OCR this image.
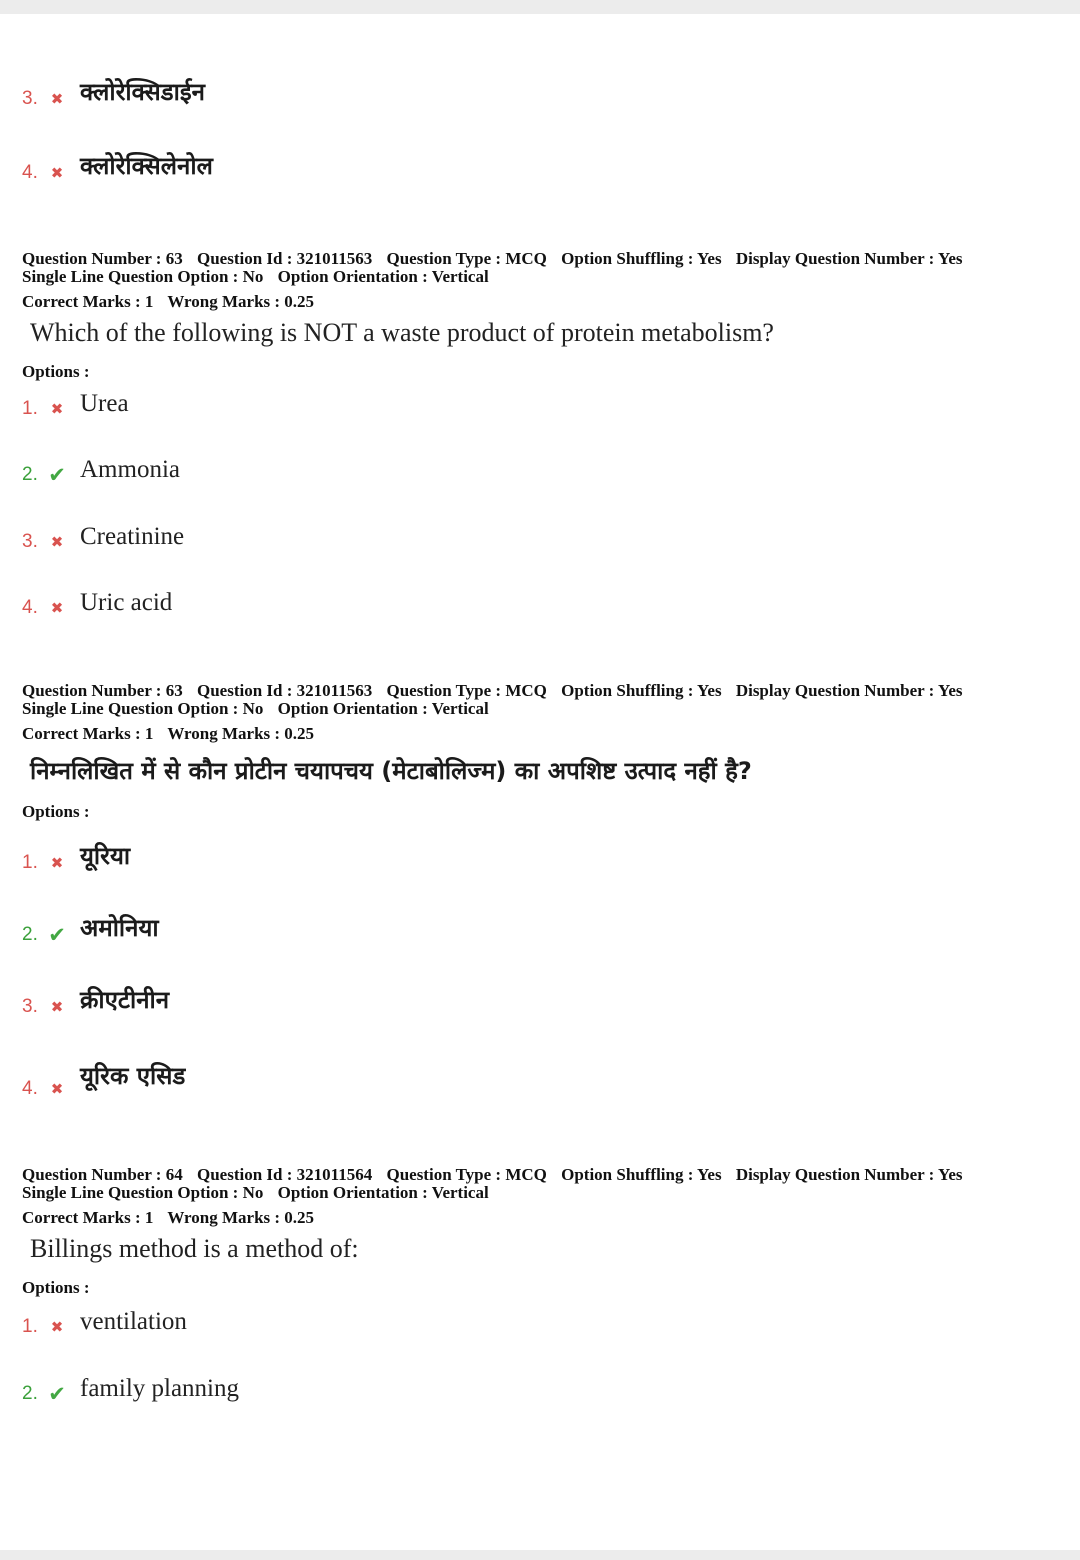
3. ✖ क्लोरेक्सिडाईन
4. ✖ क्लोरेक्सिलेनोल
Question Number : 63 Question Id : 321011563 Question Type : MCQ Option Shuffling : Yes Display Question Number : Yes
Single Line Question Option : No Option Orientation : Vertical
Correct Marks : 1 Wrong Marks : 0.25
Which of the following is NOT a waste product of protein metabolism?
Options :
1. ✖ Urea
2. ✔ Ammonia
3. ✖ Creatinine
4. ✖ Uric acid
Question Number : 63 Question Id : 321011563 Question Type : MCQ Option Shuffling : Yes Display Question Number : Yes
Single Line Question Option : No Option Orientation : Vertical
Correct Marks : 1 Wrong Marks : 0.25
निम्नलिखित में से कौन प्रोटीन चयापचय (मेटाबोलिज्म) का अपशिष्ट उत्पाद नहीं है?
Options :
1. ✖ यूरिया
2. ✔ अमोनिया
3. ✖ क्रीएटीनीन
4. ✖ यूरिक एसिड
Question Number : 64 Question Id : 321011564 Question Type : MCQ Option Shuffling : Yes Display Question Number : Yes
Single Line Question Option : No Option Orientation : Vertical
Correct Marks : 1 Wrong Marks : 0.25
Billings method is a method of:
Options :
1. ✖ ventilation
2. ✔ family planning
